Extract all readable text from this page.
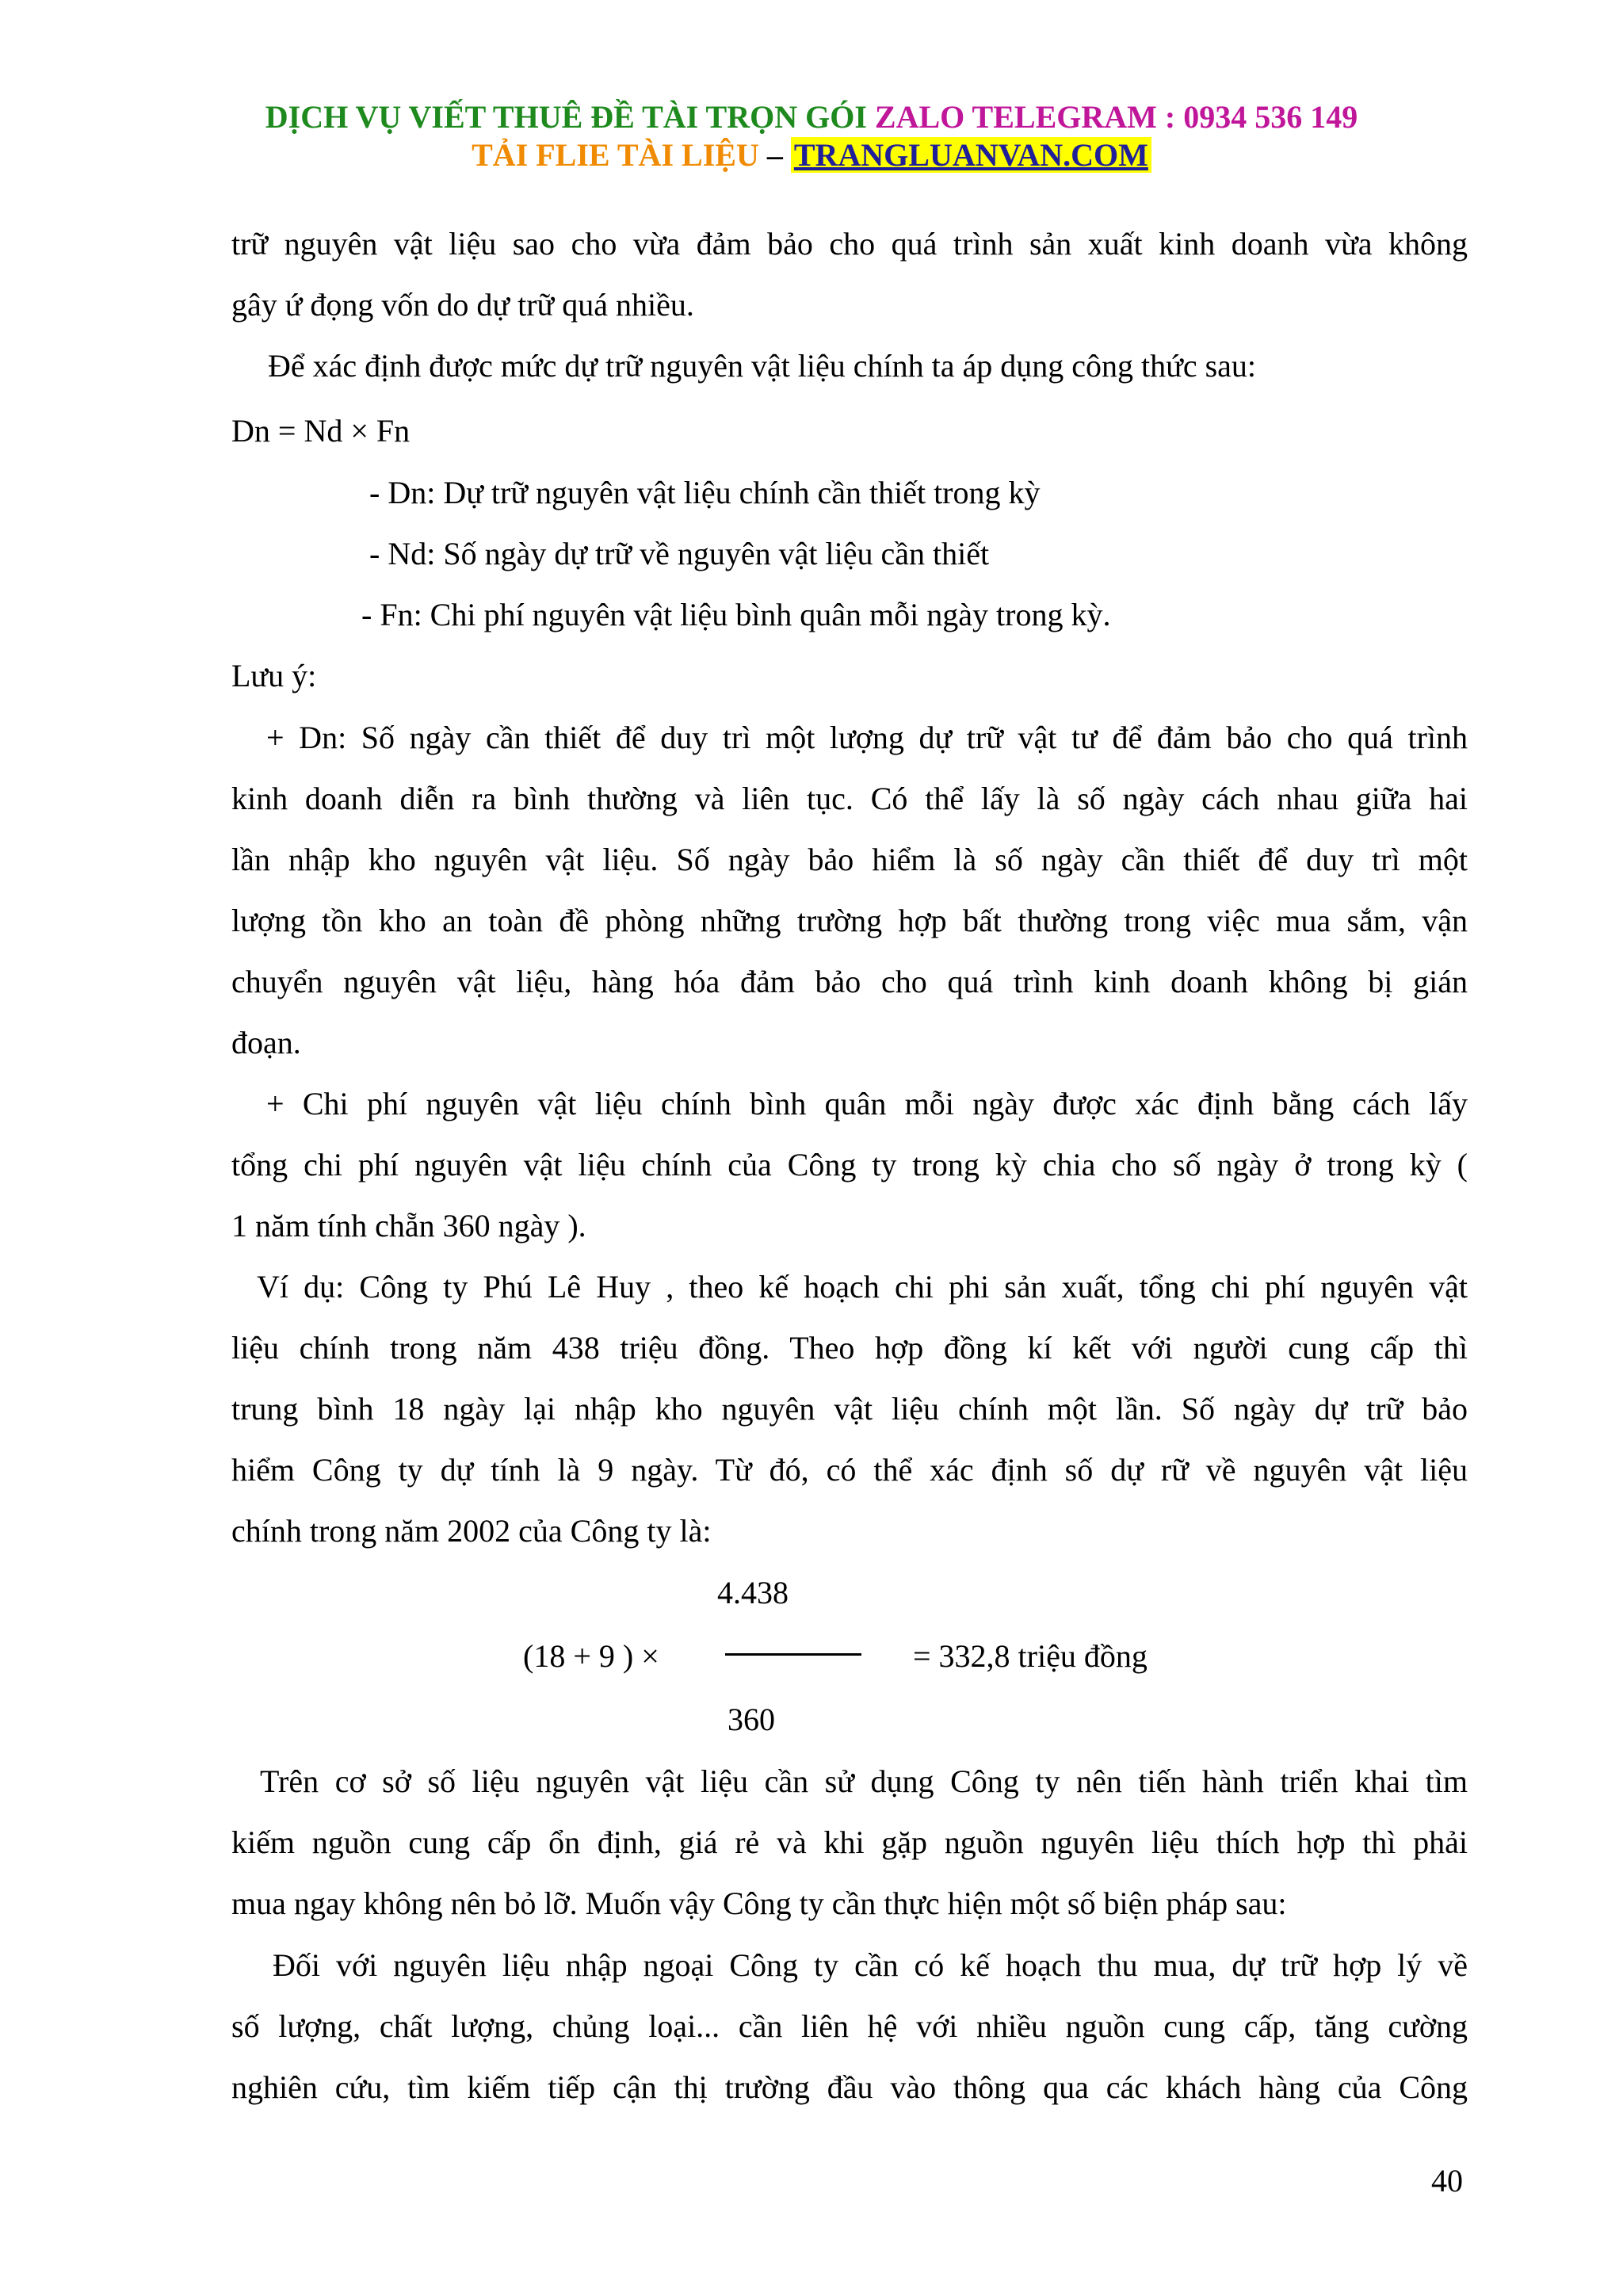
DỊCH VỤ VIẾT THUÊ ĐỀ TÀI TRỌN GÓI ZALO TELEGRAM : 0934 536 149
TẢI FLIE TÀI LIỆU – TRANGLUANVAN.COM
trữ nguyên vật liệu sao cho vừa đảm bảo cho quá trình sản xuất kinh doanh vừa không
gây ứ đọng vốn do dự trữ quá nhiều.
Để xác định được mức dự trữ nguyên vật liệu chính ta áp dụng công thức sau:
Dn = Nd × Fn
- Dn: Dự trữ nguyên vật liệu chính cần thiết trong kỳ
- Nd: Số ngày dự trữ về nguyên vật liệu cần thiết
- Fn: Chi phí nguyên vật liệu bình quân mỗi ngày trong kỳ.
Lưu ý:
+ Dn: Số ngày cần thiết để duy trì một lượng dự trữ vật tư để đảm bảo cho quá trình
kinh doanh diễn ra bình thường và liên tục. Có thể lấy là số ngày cách nhau giữa hai
lần nhập kho nguyên vật liệu. Số ngày bảo hiểm là số ngày cần thiết để duy trì một
lượng tồn kho an toàn đề phòng những trường hợp bất thường trong việc mua sắm, vận
chuyển nguyên vật liệu, hàng hóa đảm bảo cho quá trình kinh doanh không bị gián
đoạn.
+ Chi phí nguyên vật liệu chính bình quân mỗi ngày được xác định bằng cách lấy
tổng chi phí nguyên vật liệu chính của Công ty trong kỳ chia cho số ngày ở trong kỳ (
1 năm tính chẵn 360 ngày ).
Ví dụ: Công ty Phú Lê Huy , theo kế hoạch chi phi sản xuất, tổng chi phí nguyên vật
liệu chính trong năm 438 triệu đồng. Theo hợp đồng kí kết với người cung cấp thì
trung bình 18 ngày lại nhập kho nguyên vật liệu chính một lần. Số ngày dự trữ bảo
hiểm Công ty dự tính là 9 ngày. Từ đó, có thể xác định số dự rữ về nguyên vật liệu
chính trong năm 2002 của Công ty là:
4.438
(18 + 9 ) ×	= 332,8 triệu đồng
360
Trên cơ sở số liệu nguyên vật liệu cần sử dụng Công ty nên tiến hành triển khai tìm
kiếm nguồn cung cấp ổn định, giá rẻ và khi gặp nguồn nguyên liệu thích hợp thì phải
mua ngay không nên bỏ lỡ. Muốn vậy Công ty cần thực hiện một số biện pháp sau:
Đối với nguyên liệu nhập ngoại Công ty cần có kế hoạch thu mua, dự trữ hợp lý về
số lượng, chất lượng, chủng loại... cần liên hệ với nhiều nguồn cung cấp, tăng cường
nghiên cứu, tìm kiếm tiếp cận thị trường đầu vào thông qua các khách hàng của Công
40
